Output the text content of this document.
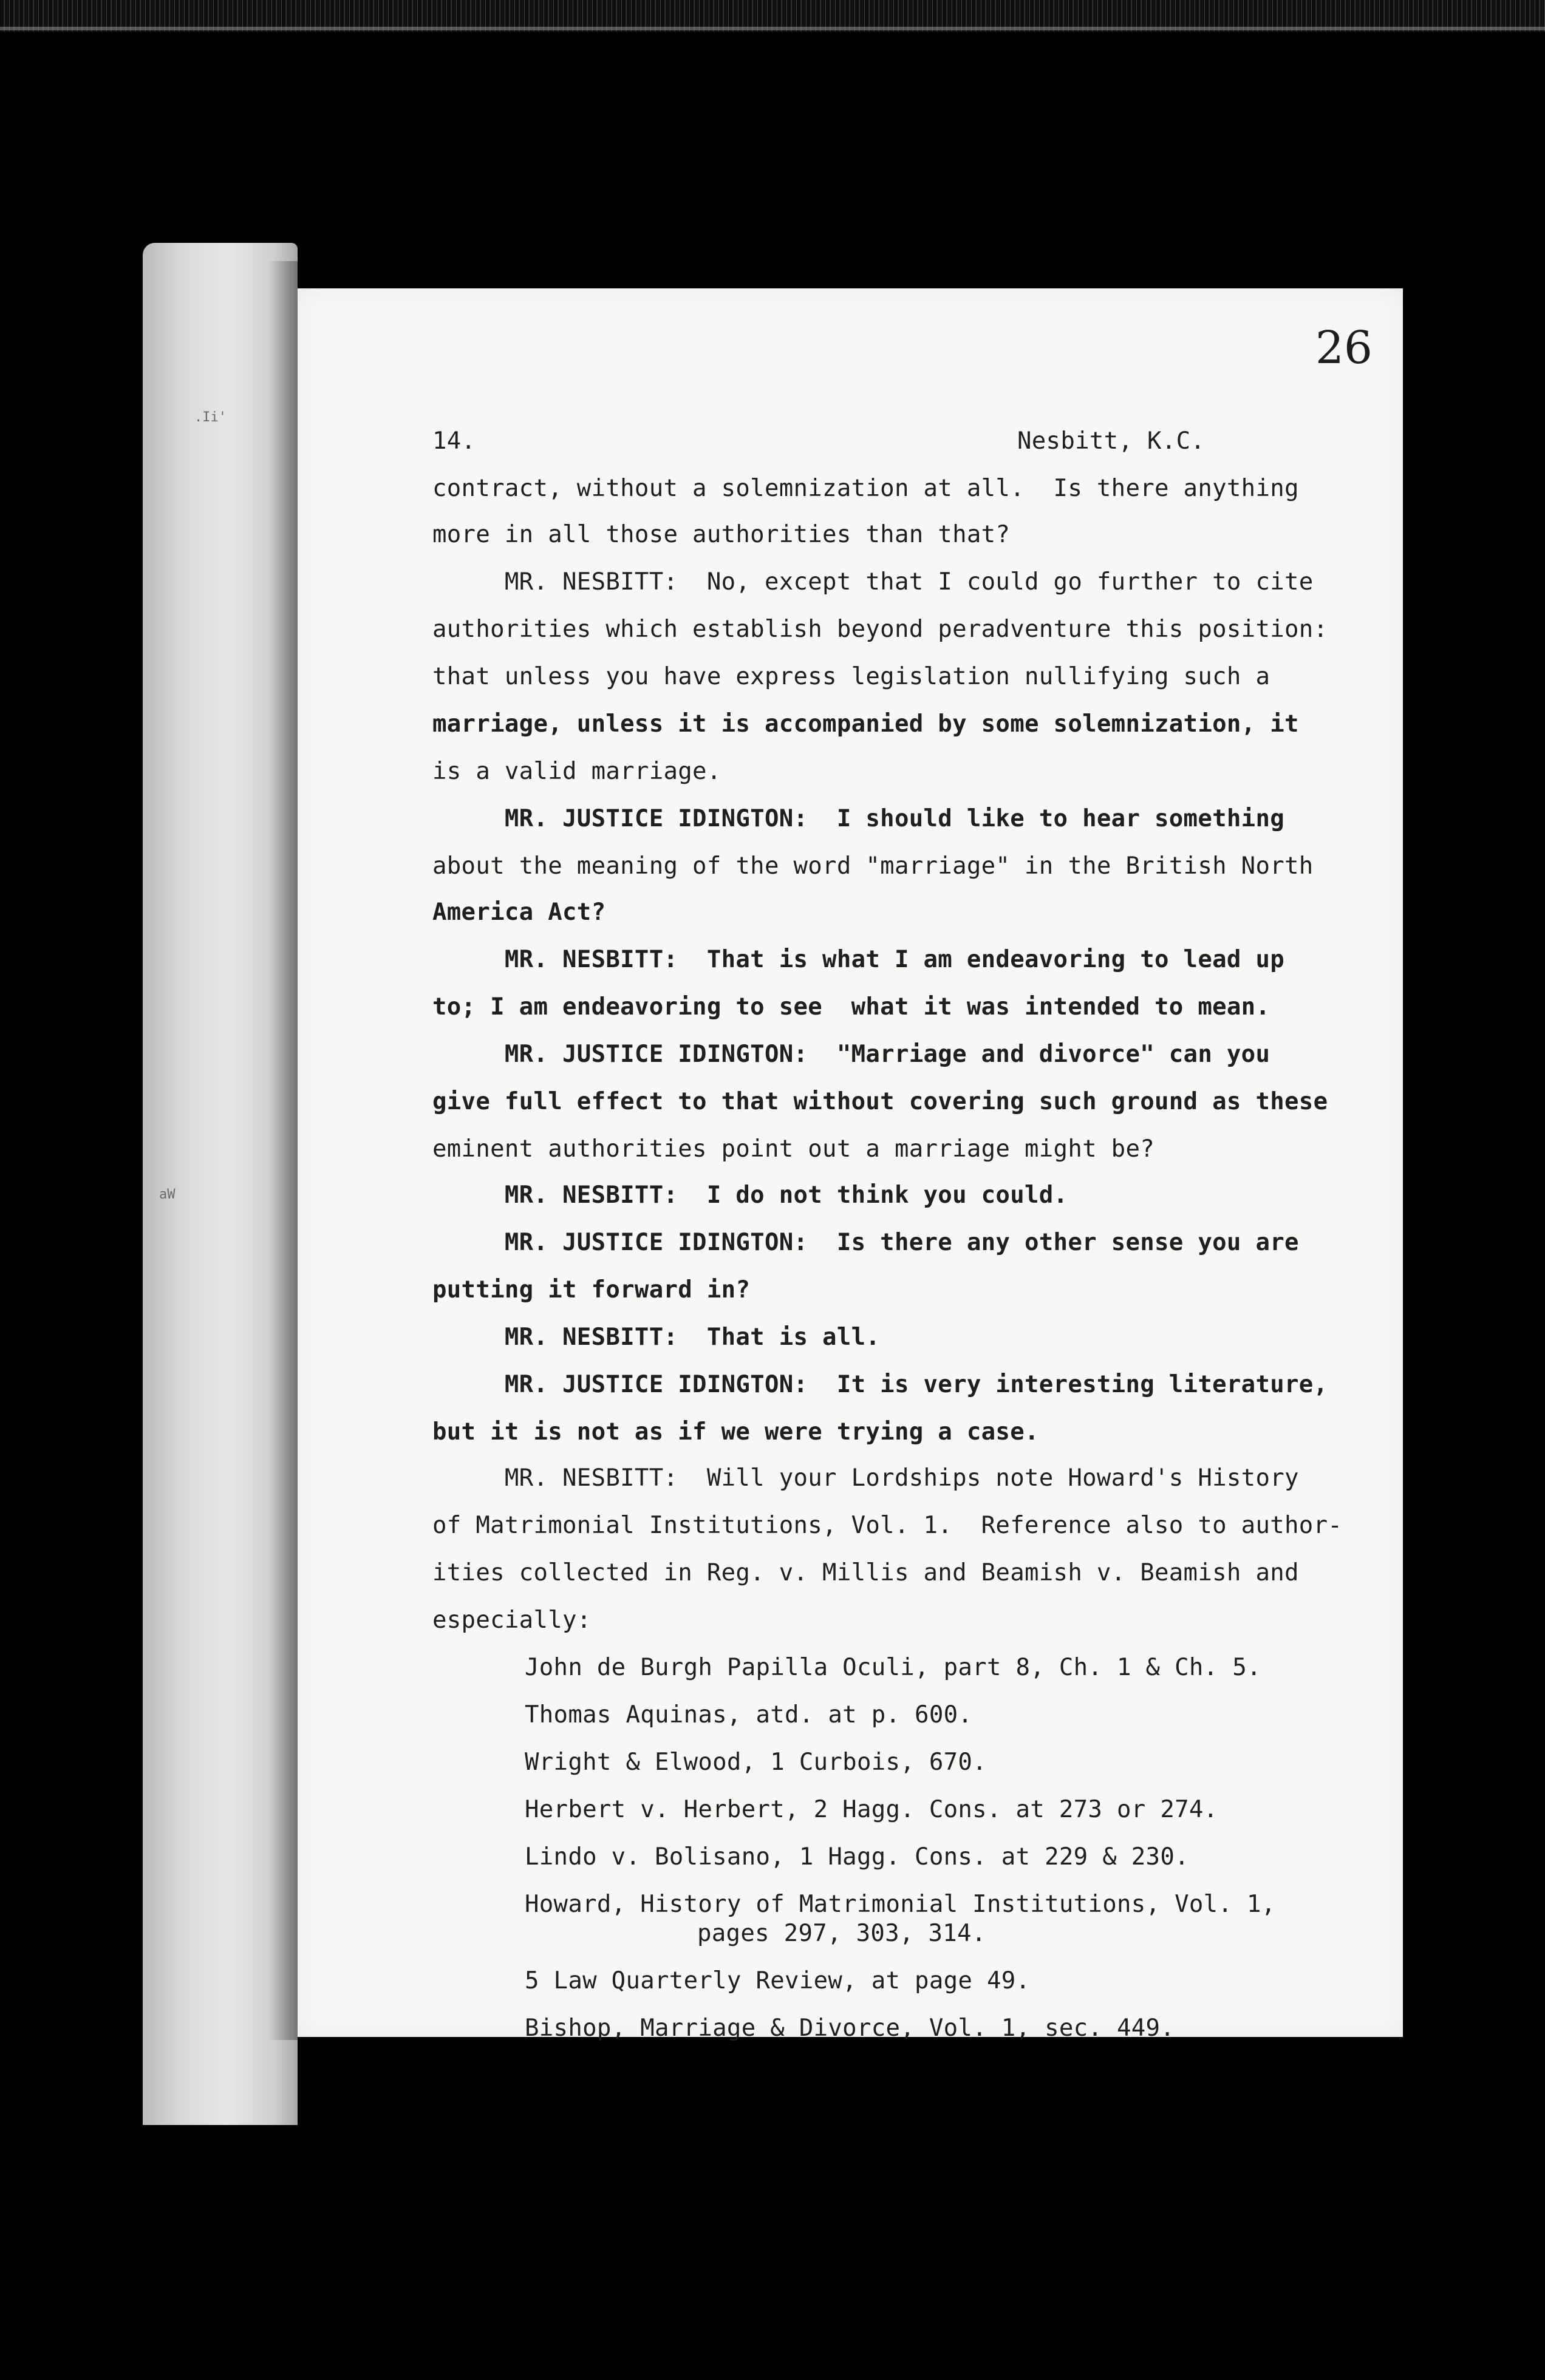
.Ii'
aW
26
14.	Nesbitt, K.C.
contract, without a solemnization at all.  Is there anything
more in all those authorities than that?
MR. NESBITT:  No, except that I could go further to cite
authorities which establish beyond peradventure this position:
that unless you have express legislation nullifying such a
marriage, unless it is accompanied by some solemnization, it
is a valid marriage.
MR. JUSTICE IDINGTON:  I should like to hear something
about the meaning of the word "marriage" in the British North
America Act?
MR. NESBITT:  That is what I am endeavoring to lead up
to; I am endeavoring to see  what it was intended to mean.
MR. JUSTICE IDINGTON:  "Marriage and divorce" can you
give full effect to that without covering such ground as these
eminent authorities point out a marriage might be?
MR. NESBITT:  I do not think you could.
MR. JUSTICE IDINGTON:  Is there any other sense you are
putting it forward in?
MR. NESBITT:  That is all.
MR. JUSTICE IDINGTON:  It is very interesting literature,
but it is not as if we were trying a case.
MR. NESBITT:  Will your Lordships note Howard's History
of Matrimonial Institutions, Vol. 1.  Reference also to author-
ities collected in Reg. v. Millis and Beamish v. Beamish and
especially:
John de Burgh Papilla Oculi, part 8, Ch. 1 & Ch. 5.
Thomas Aquinas, atd. at p. 600.
Wright & Elwood, 1 Curbois, 670.
Herbert v. Herbert, 2 Hagg. Cons. at 273 or 274.
Lindo v. Bolisano, 1 Hagg. Cons. at 229 & 230.
Howard, History of Matrimonial Institutions, Vol. 1,
pages 297, 303, 314.
5 Law Quarterly Review, at page 49.
Bishop, Marriage & Divorce, Vol. 1, sec. 449.
